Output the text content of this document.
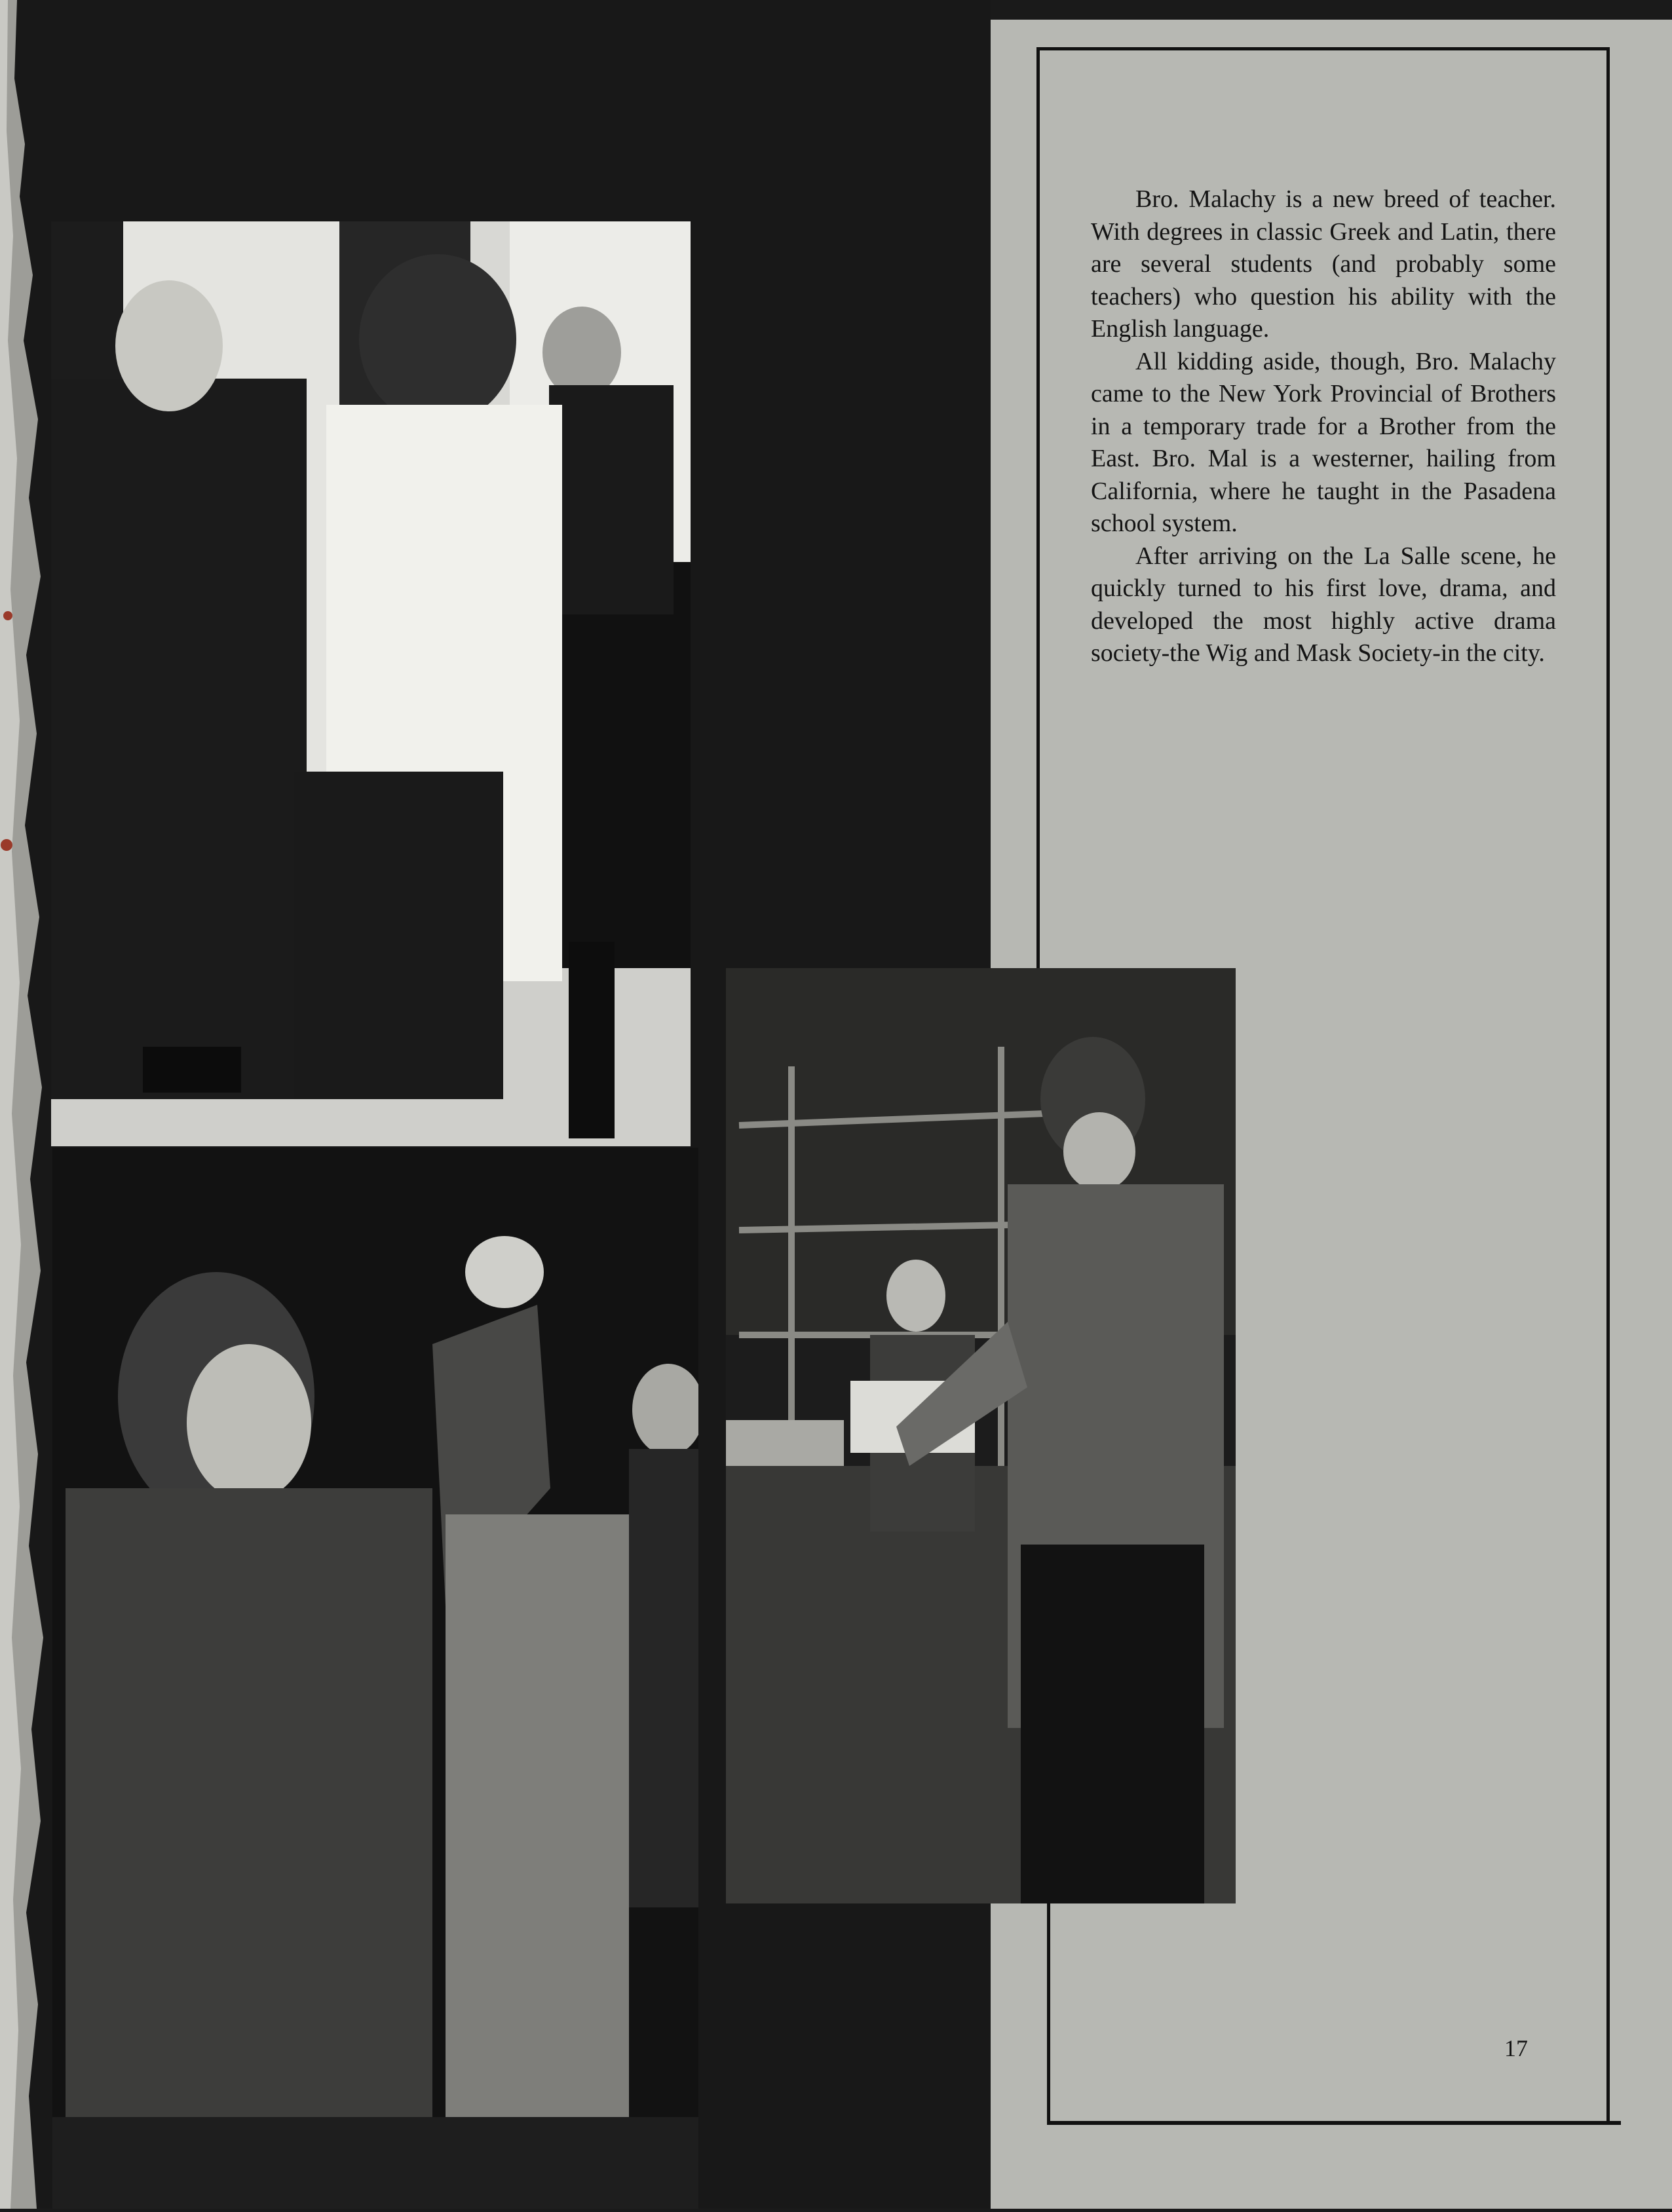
Bro. Malachy is a new breed of teacher. With degrees in classic Greek and Latin, there are several students (and probably some teachers) who question his ability with the English language.

All kidding aside, though, Bro. Malachy came to the New York Provincial of Brothers in a temporary trade for a Brother from the East. Bro. Mal is a westerner, hailing from California, where he taught in the Pasadena school system.

After arriving on the La Salle scene, he quickly turned to his first love, drama, and developed the most highly active drama society-the Wig and Mask Society-in the city.

17
